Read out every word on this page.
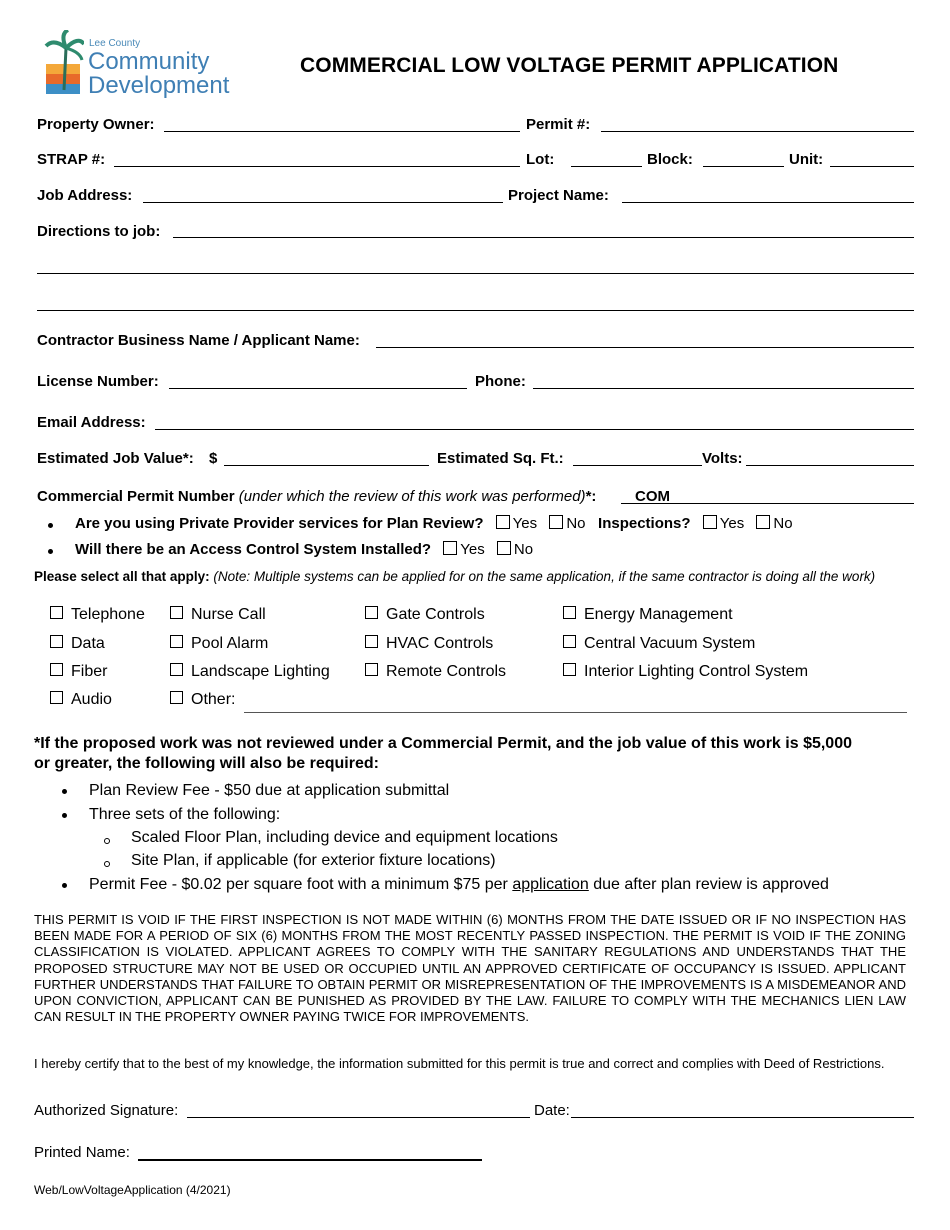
Lee County
Community
Development
COMMERCIAL LOW VOLTAGE PERMIT APPLICATION
Property Owner:	Permit #:
STRAP #:	Lot:	Block:	Unit:
Job Address:	Project Name:
Directions to job:
Contractor Business Name / Applicant Name:
License Number:	Phone:
Email Address:
Estimated Job Value*: $	Estimated Sq. Ft.:	Volts:
Commercial Permit Number (under which the review of this work was performed)*:	COM
Are you using Private Provider services for Plan Review? Yes No Inspections? Yes No
Will there be an Access Control System Installed? Yes No
Please select all that apply: (Note: Multiple systems can be applied for on the same application, if the same contractor is doing all the work)
Telephone
Data
Fiber
Audio
Nurse Call
Pool Alarm
Landscape Lighting
Other:
Gate Controls
HVAC Controls
Remote Controls
Energy Management
Central Vacuum System
Interior Lighting Control System
*If the proposed work was not reviewed under a Commercial Permit, and the job value of this work is $5,000
or greater, the following will also be required:
Plan Review Fee - $50 due at application submittal
Three sets of the following:
Scaled Floor Plan, including device and equipment locations
Site Plan, if applicable (for exterior fixture locations)
Permit Fee - $0.02 per square foot with a minimum $75 per application due after plan review is approved
THIS PERMIT IS VOID IF THE FIRST INSPECTION IS NOT MADE WITHIN (6) MONTHS FROM THE DATE ISSUED OR IF NO INSPECTION HAS BEEN MADE FOR A PERIOD OF SIX (6) MONTHS FROM THE MOST RECENTLY PASSED INSPECTION. THE PERMIT IS VOID IF THE ZONING CLASSIFICATION IS VIOLATED. APPLICANT AGREES TO COMPLY WITH THE SANITARY REGULATIONS AND UNDERSTANDS THAT THE PROPOSED STRUCTURE MAY NOT BE USED OR OCCUPIED UNTIL AN APPROVED CERTIFICATE OF OCCUPANCY IS ISSUED. APPLICANT FURTHER UNDERSTANDS THAT FAILURE TO OBTAIN PERMIT OR MISREPRESENTATION OF THE IMPROVEMENTS IS A MISDEMEANOR AND UPON CONVICTION, APPLICANT CAN BE PUNISHED AS PROVIDED BY THE LAW. FAILURE TO COMPLY WITH THE MECHANICS LIEN LAW CAN RESULT IN THE PROPERTY OWNER PAYING TWICE FOR IMPROVEMENTS.
I hereby certify that to the best of my knowledge, the information submitted for this permit is true and correct and complies with Deed of Restrictions.
Authorized Signature:	Date:
Printed Name:
Web/LowVoltageApplication (4/2021)
